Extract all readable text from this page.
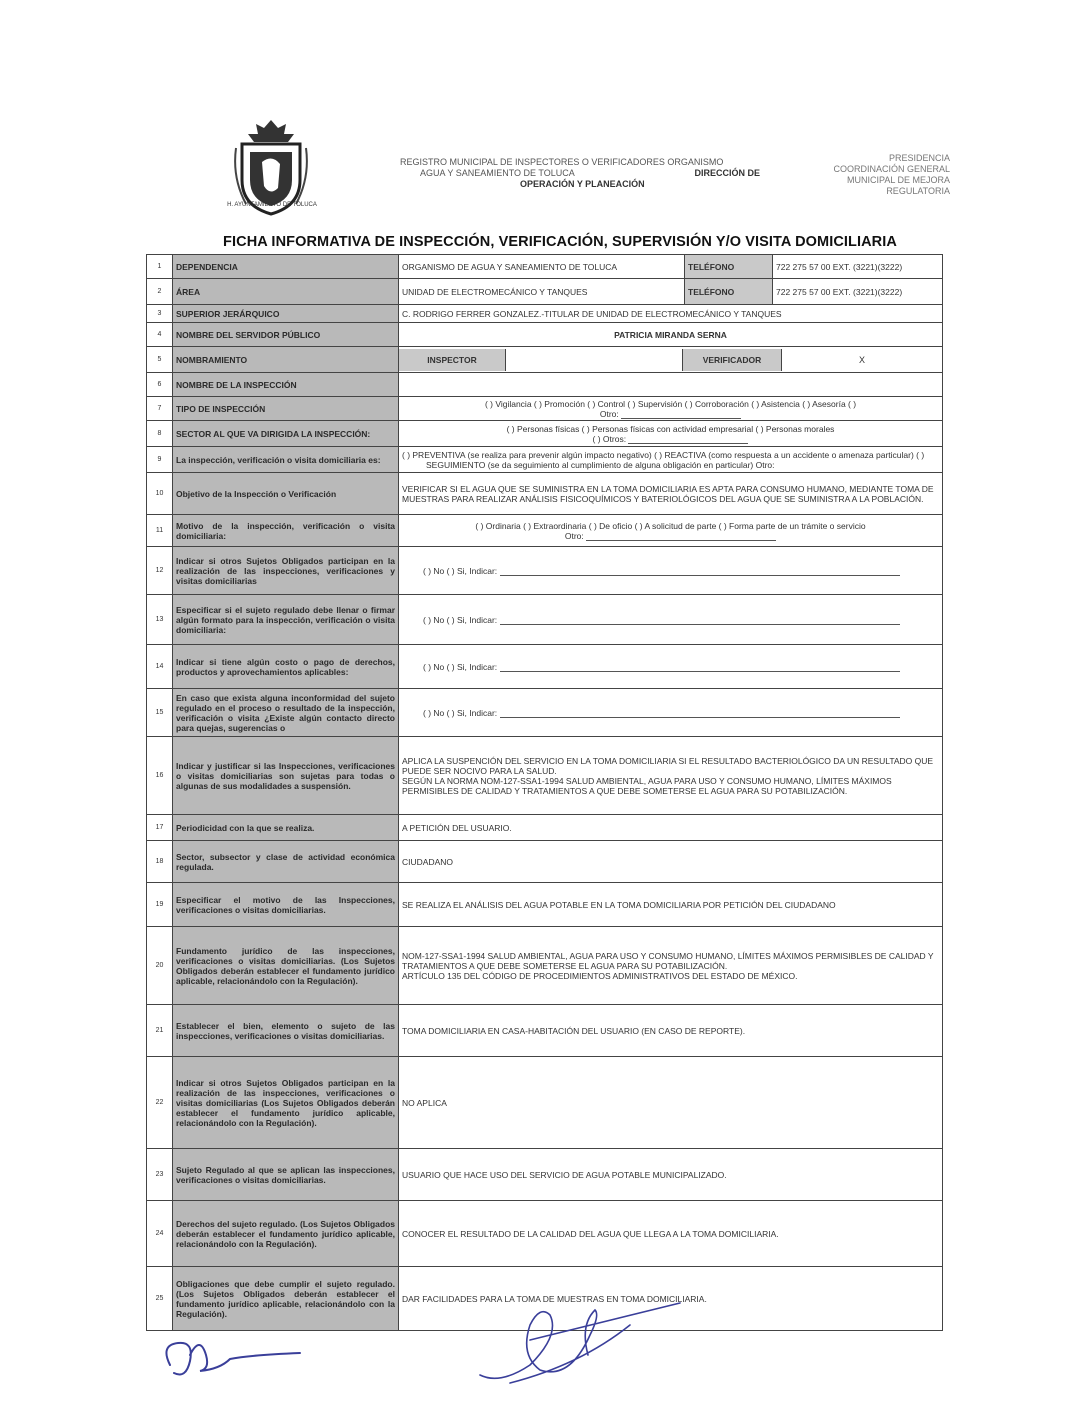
H. AYUNTAMIENTO DE TOLUCA
REGISTRO MUNICIPAL DE INSPECTORES O VERIFICADORES ORGANISMO
AGUA Y SANEAMIENTO DE TOLUCA	DIRECCIÓN DE
OPERACIÓN Y PLANEACIÓN
PRESIDENCIA
COORDINACIÓN GENERAL
MUNICIPAL DE MEJORA
REGULATORIA
FICHA INFORMATIVA DE INSPECCIÓN, VERIFICACIÓN, SUPERVISIÓN Y/O VISITA DOMICILIARIA
1	DEPENDENCIA	ORGANISMO DE AGUA Y SANEAMIENTO DE TOLUCA	TELÉFONO	722 275 57 00 EXT. (3221)(3222)
2	ÁREA	UNIDAD DE ELECTROMECÁNICO Y TANQUES	TELÉFONO	722 275 57 00 EXT. (3221)(3222)
3	SUPERIOR JERÁRQUICO	C. RODRIGO FERRER GONZALEZ.-TITULAR DE UNIDAD DE ELECTROMECÁNICO Y TANQUES
4	NOMBRE DEL SERVIDOR PÚBLICO	PATRICIA MIRANDA SERNA
5	NOMBRAMIENTO		INSPECTOR		VERIFICADOR	X

6	NOMBRE DE LA INSPECCIÓN	
7	TIPO DE INSPECCIÓN	( ) Vigilancia ( ) Promoción ( ) Control ( ) Supervisión ( ) Corroboración ( ) Asistencia ( ) Asesoría ( )
Otro:

8	SECTOR AL QUE VA DIRIGIDA LA INSPECCIÓN:	( ) Personas físicas ( ) Personas físicas con actividad empresarial ( ) Personas morales
( ) Otros:

9	La inspección, verificación o visita domiciliaria es:	( ) PREVENTIVA (se realiza para prevenir algún impacto negativo) ( ) REACTIVA (como respuesta a un accidente o amenaza particular) ( )
SEGUIMIENTO (se da seguimiento al cumplimiento de alguna obligación en particular) Otro:

10	Objetivo de la Inspección o Verificación	VERIFICAR SI EL AGUA QUE SE SUMINISTRA EN LA TOMA DOMICILIARIA ES APTA PARA CONSUMO HUMANO, MEDIANTE TOMA DE MUESTRAS PARA REALIZAR ANÁLISIS FISICOQUÍMICOS Y BATERIOLÓGICOS DEL AGUA QUE SE SUMINISTRA A LA POBLACIÓN.
11	Motivo de la inspección, verificación o visita domiciliaria:	
( ) Ordinaria ( ) Extraordinaria ( ) De oficio ( ) A solicitud de parte ( ) Forma parte de un trámite o servicio
Otro:

12	Indicar si otros Sujetos Obligados participan en la realización de las inspecciones, verificaciones y visitas domiciliarias	( ) No ( ) Si, Indicar:
13	Especificar si el sujeto regulado debe llenar o firmar algún formato para la inspección, verificación o visita domiciliaria:	( ) No ( ) Si, Indicar:
14	Indicar si tiene algún costo o pago de derechos, productos y aprovechamientos aplicables:	( ) No ( ) Si, Indicar:
15	En caso que exista alguna inconformidad del sujeto regulado en el proceso o resultado de la inspección, verificación o visita ¿Existe algún contacto directo para quejas, sugerencias o	( ) No ( ) Si, Indicar:
16	Indicar y justificar si las Inspecciones, verificaciones o visitas domiciliarias son sujetas para todas o algunas de sus modalidades a suspensión.	
APLICA LA SUSPENCIÓN DEL SERVICIO EN LA TOMA DOMICILIARIA SI EL RESULTADO BACTERIOLÓGICO DA UN RESULTADO QUE PUEDE SER NOCIVO PARA LA SALUD.
SEGÚN LA NORMA NOM-127-SSA1-1994 SALUD AMBIENTAL, AGUA PARA USO Y CONSUMO HUMANO, LÍMITES MÁXIMOS PERMISIBLES DE CALIDAD Y TRATAMIENTOS A QUE DEBE SOMETERSE EL AGUA PARA SU POTABILIZACIÓN.

17	Periodicidad con la que se realiza.	A PETICIÓN DEL USUARIO.
18	Sector, subsector y clase de actividad económica regulada.	CIUDADANO
19	Especificar el motivo de las Inspecciones, verificaciones o visitas domiciliarias.	SE REALIZA EL ANÁLISIS DEL AGUA POTABLE EN LA TOMA DOMICILIARIA POR PETICIÓN DEL CIUDADANO
20	Fundamento jurídico de las inspecciones, verificaciones o visitas domiciliarias. (Los Sujetos Obligados deberán establecer el fundamento jurídico aplicable, relacionándolo con la Regulación).	
NOM-127-SSA1-1994 SALUD AMBIENTAL, AGUA PARA USO Y CONSUMO HUMANO, LÍMITES MÁXIMOS PERMISIBLES DE CALIDAD Y TRATAMIENTOS A QUE DEBE SOMETERSE EL AGUA PARA SU POTABILIZACIÓN.
ARTÍCULO 135 DEL CÓDIGO DE PROCEDIMIENTOS ADMINISTRATIVOS DEL ESTADO DE MÉXICO.

21	Establecer el bien, elemento o sujeto de las inspecciones, verificaciones o visitas domiciliarias.	TOMA DOMICILIARIA EN CASA-HABITACIÓN DEL USUARIO (EN CASO DE REPORTE).
22	Indicar si otros Sujetos Obligados participan en la realización de las inspecciones, verificaciones o visitas domiciliarias (Los Sujetos Obligados deberán establecer el fundamento jurídico aplicable, relacionándolo con la Regulación).	NO APLICA
23	Sujeto Regulado al que se aplican las inspecciones, verificaciones o visitas domiciliarias.	USUARIO QUE HACE USO DEL SERVICIO DE AGUA POTABLE MUNICIPALIZADO.
24	Derechos del sujeto regulado. (Los Sujetos Obligados deberán establecer el fundamento jurídico aplicable, relacionándolo con la Regulación).	CONOCER EL RESULTADO DE LA CALIDAD DEL AGUA QUE LLEGA A LA TOMA DOMICILIARIA.
25	Obligaciones que debe cumplir el sujeto regulado. (Los Sujetos Obligados deberán establecer el fundamento jurídico aplicable, relacionándolo con la Regulación).	DAR FACILIDADES PARA LA TOMA DE MUESTRAS EN TOMA DOMICILIARIA.
